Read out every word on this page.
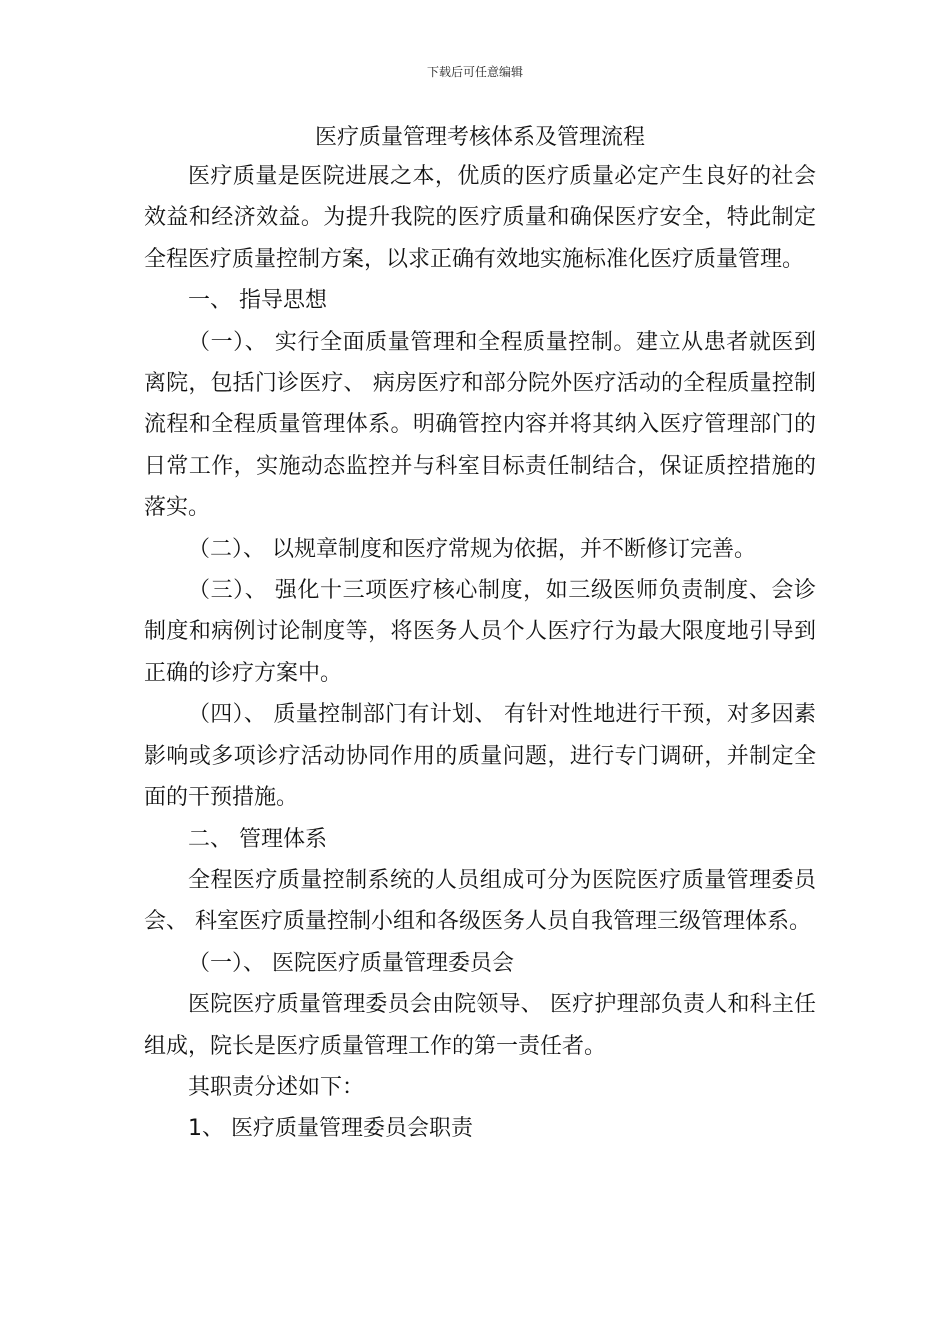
下载后可任意编辑
医疗质量管理考核体系及管理流程

医疗质量是医院进展之本，优质的医疗质量必定产生良好的社会效益和经济效益。为提升我院的医疗质量和确保医疗安全，特此制定全程医疗质量控制方案，以求正确有效地实施标准化医疗质量管理。

一、 指导思想

（一）、 实行全面质量管理和全程质量控制。建立从患者就医到离院，包括门诊医疗、 病房医疗和部分院外医疗活动的全程质量控制流程和全程质量管理体系。明确管控内容并将其纳入医疗管理部门的日常工作，实施动态监控并与科室目标责任制结合，保证质控措施的落实。

（二）、 以规章制度和医疗常规为依据，并不断修订完善。

（三）、 强化十三项医疗核心制度，如三级医师负责制度、会诊制度和病例讨论制度等，将医务人员个人医疗行为最大限度地引导到正确的诊疗方案中。

（四）、 质量控制部门有计划、 有针对性地进行干预，对多因素影响或多项诊疗活动协同作用的质量问题，进行专门调研，并制定全面的干预措施。

二、 管理体系

全程医疗质量控制系统的人员组成可分为医院医疗质量管理委员会、 科室医疗质量控制小组和各级医务人员自我管理三级管理体系。

（一）、 医院医疗质量管理委员会

医院医疗质量管理委员会由院领导、 医疗护理部负责人和科主任组成，院长是医疗质量管理工作的第一责任者。

其职责分述如下：

1、 医疗质量管理委员会职责
